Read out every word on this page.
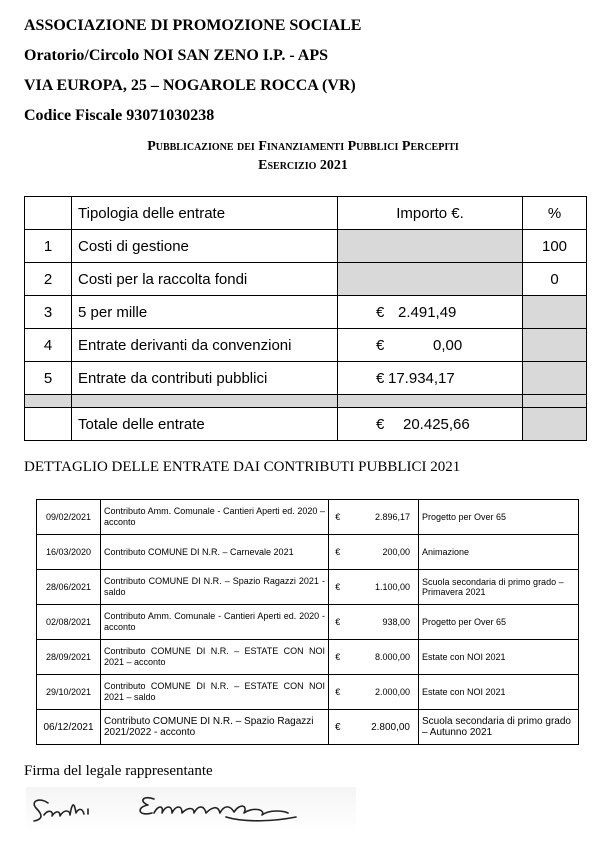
ASSOCIAZIONE DI PROMOZIONE SOCIALE
Oratorio/Circolo NOI SAN ZENO I.P. - APS
VIA EUROPA, 25 – NOGAROLE ROCCA (VR)
Codice Fiscale 93071030238
Pubblicazione dei Finanziamenti Pubblici Percepiti
Esercizio 2021
	Tipologia delle entrate	Importo €.	%
1	Costi di gestione		100
2	Costi per la raccolta fondi		0
3	5 per mille	€ 2.491,49	
4	Entrate derivanti da convenzioni	€ 0,00	
5	Entrate da contributi pubblici	€ 17.934,17	

	Totale delle entrate	€ 20.425,66	
DETTAGLIO DELLE ENTRATE DAI CONTRIBUTI PUBBLICI 2021
09/02/2021	Contributo Amm. Comunale - Cantieri Aperti ed. 2020 – acconto	€	2.896,17	Progetto per Over 65
16/03/2020	Contributo COMUNE DI N.R. – Carnevale 2021	€	200,00	Animazione
28/06/2021	Contributo COMUNE DI N.R. – Spazio Ragazzi 2021 - saldo	€	1.100,00	Scuola secondaria di primo grado – Primavera 2021
02/08/2021	Contributo Amm. Comunale - Cantieri Aperti ed. 2020 - acconto	€	938,00	Progetto per Over 65
28/09/2021	Contributo COMUNE DI N.R. – ESTATE CON NOI 2021 – acconto	€	8.000,00	Estate con NOI 2021
29/10/2021	Contributo COMUNE DI N.R. – ESTATE CON NOI 2021 – saldo	€	2.000,00	Estate con NOI 2021
06/12/2021	Contributo COMUNE DI N.R. – Spazio Ragazzi 2021/2022 - acconto	€	2.800,00	Scuola secondaria di primo grado – Autunno 2021
Firma del legale rappresentante
